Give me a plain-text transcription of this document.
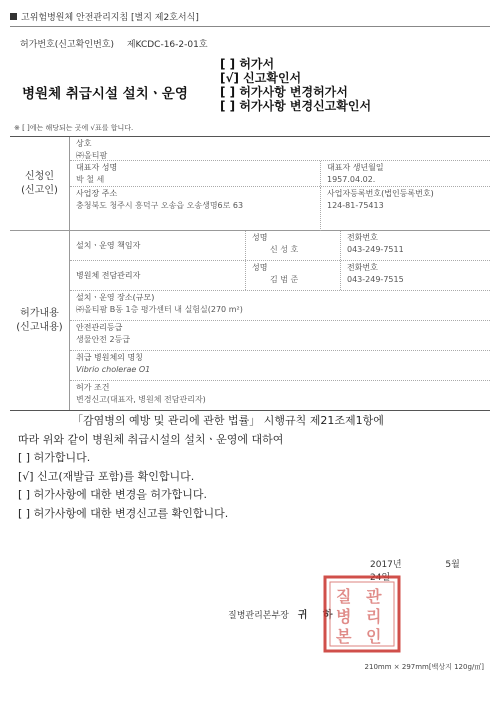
고위험병원체 안전관리지침 [별지 제2호서식]
허가번호(신고확인번호) 제KCDC-16-2-01호
병원체 취급시설 설치ㆍ운영
[ ] 허가서
[√] 신고확인서
[ ] 허가사항 변경허가서
[ ] 허가사항 변경신고확인서
※ [ ]에는 해당되는 곳에 √표를 합니다.
신청인
(신고인)
상호
㈜올티팜
대표자 성명
박 철 세
대표자 생년월일
1957.04.02.
사업장 주소
충청북도 청주시 흥덕구 오송읍 오송생명6로 63
사업자등록번호(법인등록번호)
124-81-75413
허가내용
(신고내용)
설치ㆍ운영 책임자
성명
신 성 호
전화번호
043-249-7511
병원체 전담관리자
성명
김 범 준
전화번호
043-249-7515
설치ㆍ운영 장소(규모)
㈜올티팜 B동 1층 평가센터 내 실험실(270 m²)
안전관리등급
생물안전 2등급
취급 병원체의 명칭
Vibrio cholerae O1
허가 조건
변경신고(대표자, 병원체 전담관리자)

「감염병의 예방 및 관리에 관한 법률」 시행규칙 제21조제1항에

따라 위와 같이 병원체 취급시설의 설치ㆍ운영에 대하여

[ ] 허가합니다.

[√] 신고(재발급 포함)를 확인합니다.

[ ] 허가사항에 대한 변경을 허가합니다.

[ ] 허가사항에 대한 변경신고를 확인합니다.

2017년	5월       24일
질병관리본부장 귀 하
질 관
병 리
본 인
210mm × 297mm[백상지 120g/㎡]
